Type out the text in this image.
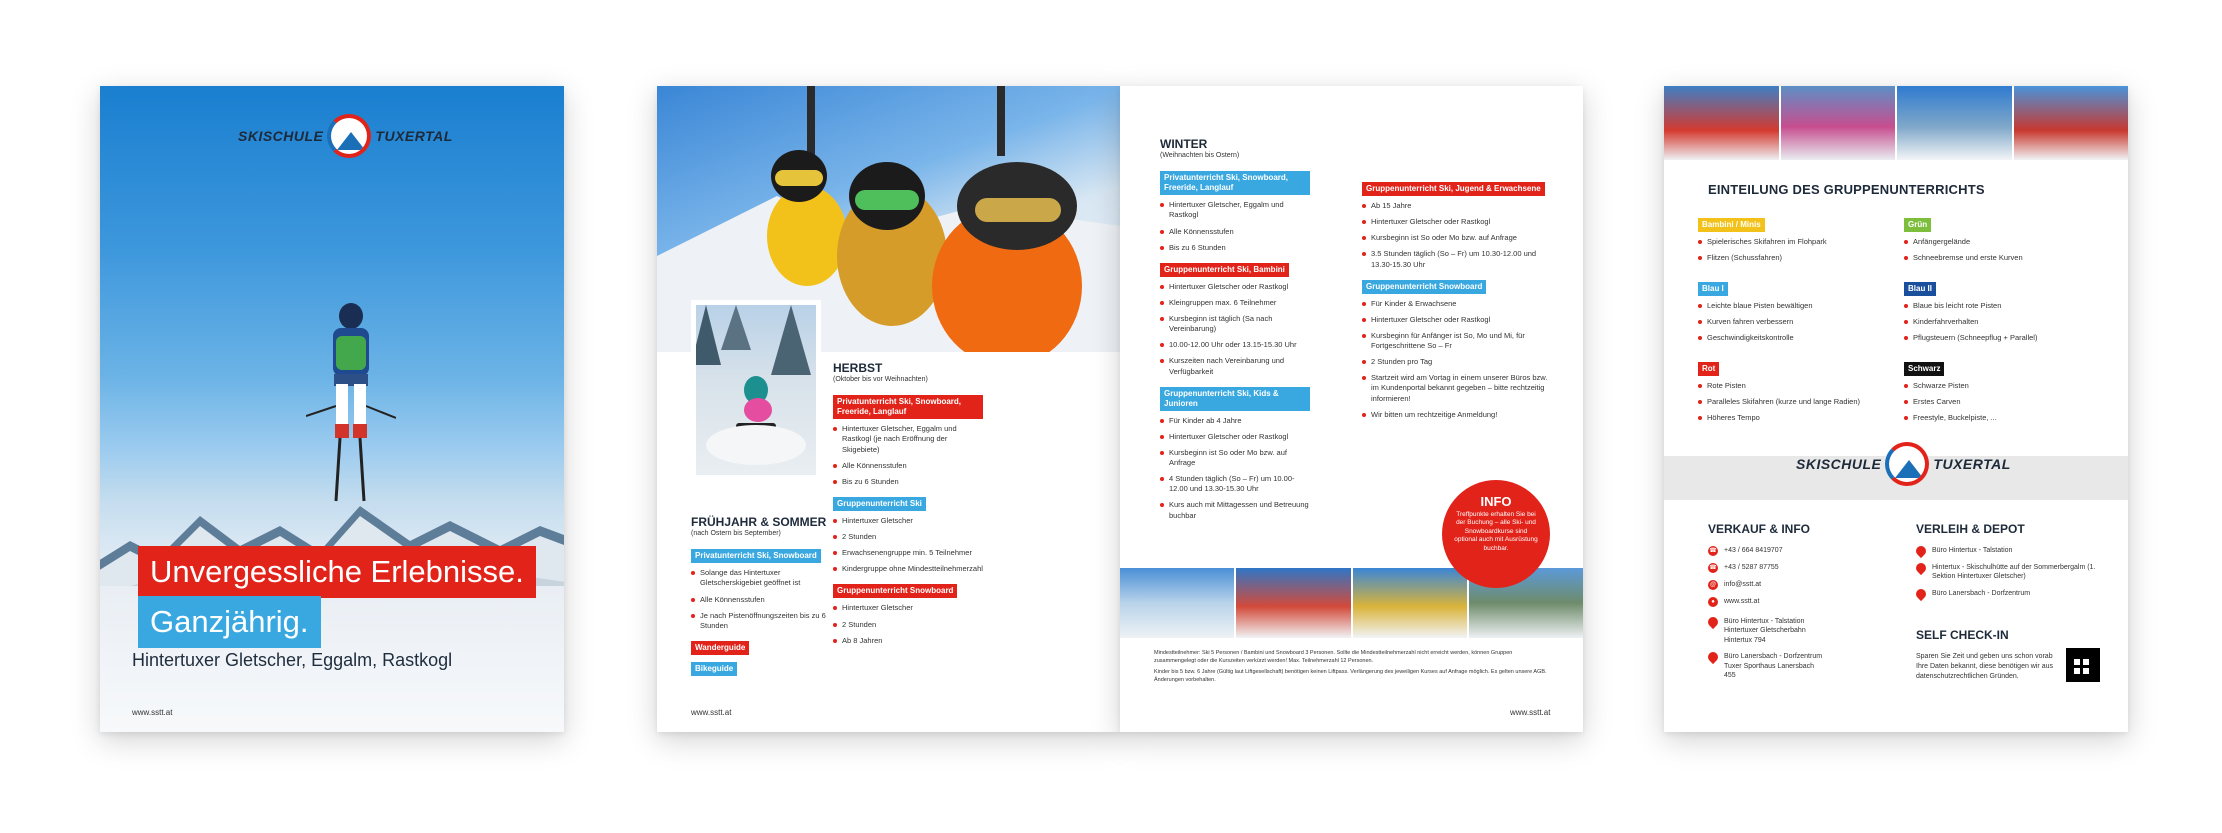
SKISCHULE	TUXERTAL
Unvergessliche Erlebnisse.
Ganzjährig.
Hintertuxer Gletscher, Eggalm, Rastkogl
www.sstt.at
HERBST
(Oktober bis vor Weihnachten)
Privatunterricht Ski, Snowboard, Freeride, Langlauf
Hintertuxer Gletscher, Eggalm und Rastkogl (je nach Eröffnung der Skigebiete)
Alle Könnensstufen
Bis zu 6 Stunden
Gruppenunterricht Ski
Hintertuxer Gletscher
2 Stunden
Erwachsenengruppe min. 5 Teilnehmer
Kindergruppe ohne Mindestteilnehmerzahl
Gruppenunterricht Snowboard
Hintertuxer Gletscher
2 Stunden
Ab 8 Jahren
FRÜHJAHR & SOMMER
(nach Ostern bis September)
Privatunterricht Ski, Snowboard
Solange das Hintertuxer Gletscherskigebiet geöffnet ist
Alle Könnensstufen
Je nach Pistenöffnungszeiten bis zu 6 Stunden
Wanderguide
Bikeguide
www.sstt.at
WINTER
(Weihnachten bis Ostern)
Privatunterricht Ski, Snowboard, Freeride, Langlauf
Hintertuxer Gletscher, Eggalm und Rastkogl
Alle Könnensstufen
Bis zu 6 Stunden
Gruppenunterricht Ski, Bambini
Hintertuxer Gletscher oder Rastkogl
Kleingruppen max. 6 Teilnehmer
Kursbeginn ist täglich (Sa nach Vereinbarung)
10.00-12.00 Uhr oder 13.15-15.30 Uhr
Kurszeiten nach Vereinbarung und Verfügbarkeit
Gruppenunterricht Ski, Kids & Junioren
Für Kinder ab 4 Jahre
Hintertuxer Gletscher oder Rastkogl
Kursbeginn ist So oder Mo bzw. auf Anfrage
4 Stunden täglich (So – Fr) um 10.00-12.00 und 13.30-15.30 Uhr
Kurs auch mit Mittagessen und Betreuung buchbar
Gruppenunterricht Ski, Jugend & Erwachsene
Ab 15 Jahre
Hintertuxer Gletscher oder Rastkogl
Kursbeginn ist So oder Mo bzw. auf Anfrage
3.5 Stunden täglich (So – Fr) um 10.30-12.00 und 13.30-15.30 Uhr
Gruppenunterricht Snowboard
Für Kinder & Erwachsene
Hintertuxer Gletscher oder Rastkogl
Kursbeginn für Anfänger ist So, Mo und Mi, für Fortgeschrittene So – Fr
2 Stunden pro Tag
Startzeit wird am Vortag in einem unserer Büros bzw. im Kundenportal bekannt gegeben – bitte rechtzeitig informieren!
Wir bitten um rechtzeitige Anmeldung!
INFO
Treffpunkte erhalten Sie bei der Buchung – alle Ski- und Snowboardkurse sind optional auch mit Ausrüstung buchbar.

Mindestteilnehmer: Ski 5 Personen / Bambini und Snowboard 3 Personen. Sollte die Mindestteilnehmerzahl nicht erreicht werden, können Gruppen zusammengelegt oder die Kurszeiten verkürzt werden! Max. Teilnehmerzahl 12 Personen.

Kinder bis 5 bzw. 6 Jahre (Gültig laut Liftgesellschaft) benötigen keinen Liftpass. Verlängerung des jeweiligen Kurses auf Anfrage möglich. Es gelten unsere AGB. Änderungen vorbehalten.

www.sstt.at
EINTEILUNG DES GRUPPENUNTERRICHTS
Bambini / Minis
Spielerisches Skifahren im Flohpark
Flitzen (Schussfahren)
Grün
Anfängergelände
Schneebremse und erste Kurven
Blau I
Leichte blaue Pisten bewältigen
Kurven fahren verbessern
Geschwindigkeitskontrolle
Blau II
Blaue bis leicht rote Pisten
Kinderfahrverhalten
Pflugsteuern (Schneepflug + Parallel)
Rot
Rote Pisten
Paralleles Skifahren (kurze und lange Radien)
Höheres Tempo
Schwarz
Schwarze Pisten
Erstes Carven
Freestyle, Buckelpiste, ...
SKISCHULE	TUXERTAL
VERKAUF & INFO
☎ +43 / 664 8419707
☎ +43 / 5287 87755
@ info@sstt.at
●	www.sstt.at
Büro Hintertux - Talstation Hintertuxer Gletscherbahn Hintertux 794
Büro Lanersbach - Dorfzentrum Tuxer Sporthaus Lanersbach 455
VERLEIH & DEPOT
Büro Hintertux - Talstation
Hintertux - Skischulhütte auf der Sommerbergalm (1. Sektion Hintertuxer Gletscher)
Büro Lanersbach - Dorfzentrum
SELF CHECK-IN

Sparen Sie Zeit und geben uns schon vorab Ihre Daten bekannt, diese benötigen wir aus datenschutzrechtlichen Gründen.
